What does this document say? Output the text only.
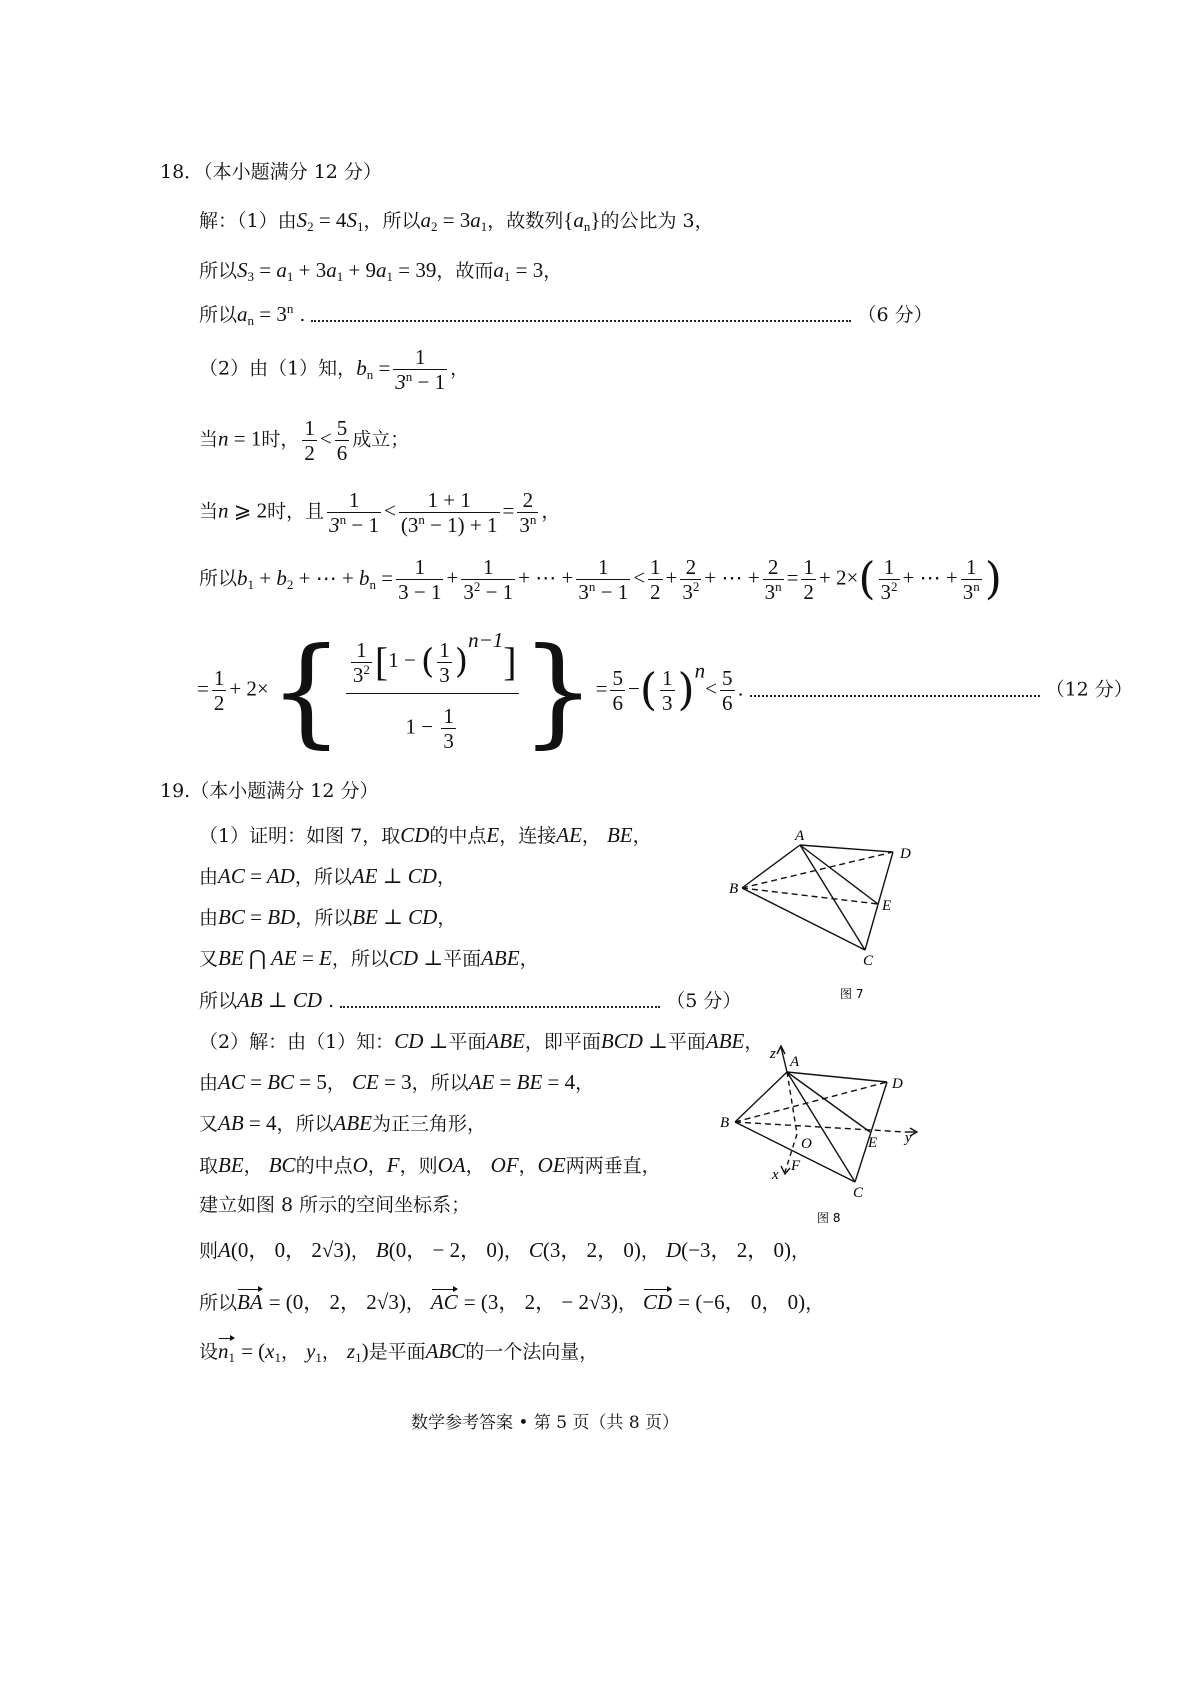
18．（本小题满分 12 分）
解：（1）由$S_2 = 4S_1$，所以$a_2 = 3a_1$，故数列$\{a_n\}$的公比为 3，
所以$S_3 = a_1 + 3a_1 + 9a_1 = 39$，故而$a_1 = 3$，
所以$a_n = 3^n$ .	（6 分）
（2）由（1）知，$b_n = \frac{1}{3^n - 1}$ ，
当n = 1时， $\frac{1}{2} < \frac{5}{6}$ 成立；
当n ⩾ 2时，且 $\frac{1}{3^n - 1} < \frac{1 + 1}{(3^n - 1) + 1} = \frac{2}{3^n}$ ，
所以$b_1 + b_2$ + ⋯ + $b_n = \frac{1}{3 - 1} + \frac{1}{3^2 - 1}$ + ⋯ + $\frac{1}{3^n - 1} < \frac{1}{2} + \frac{2}{3^2}$ + ⋯ + $\frac{2}{3^n} = \frac{1}{2} + 2\times( \frac{1}{3^2}$ + ⋯ + $\frac{1}{3^n}$ )
= $\frac{1}{2} + 2\times\{ \frac{\frac{1}{3^2} [1 - ( \frac{1}{3} )^{n-1}]}{1 - \frac{1}{3}}$ }= $\frac{5}{6}$ −( $\frac{1}{3} )^n< \frac{5}{6}$ .	（12 分）
19.（本小题满分 12 分）
（1）证明：如图 7，取CD的中点E，连接AE， BE，
由AC = AD，所以AE ⊥ CD，
由BC = BD，所以BE ⊥ CD，
又BE ⋂ AE = E，所以CD ⊥平面ABE，
所以AB ⊥ CD .	（5 分）
（2）解：由（1）知：CD ⊥平面ABE，即平面BCD ⊥平面ABE，
由AC = BC = 5， CE = 3，所以AE = BE = 4，
又AB = 4，所以ABE为正三角形，
取BE， BC的中点O，F，则OA， OF，OE两两垂直，
建立如图 8 所示的空间坐标系；
则A(0， 0， 2√3)， B(0， − 2， 0)， C(3， 2， 0)， D(−3， 2， 0)，
所以BA = (0， 2， 2√3)， AC = (3， 2， − 2√3)， CD = (−6， 0， 0)，
设$n_1 = (x_1$， $y_1$， $z_1$)是平面ABC的一个法向量，
A
D
B
E
C
图 7
A
D
B
O	E
F
C
z
y
x
图 8
数学参考答案 • 第 5 页（共 8 页）
